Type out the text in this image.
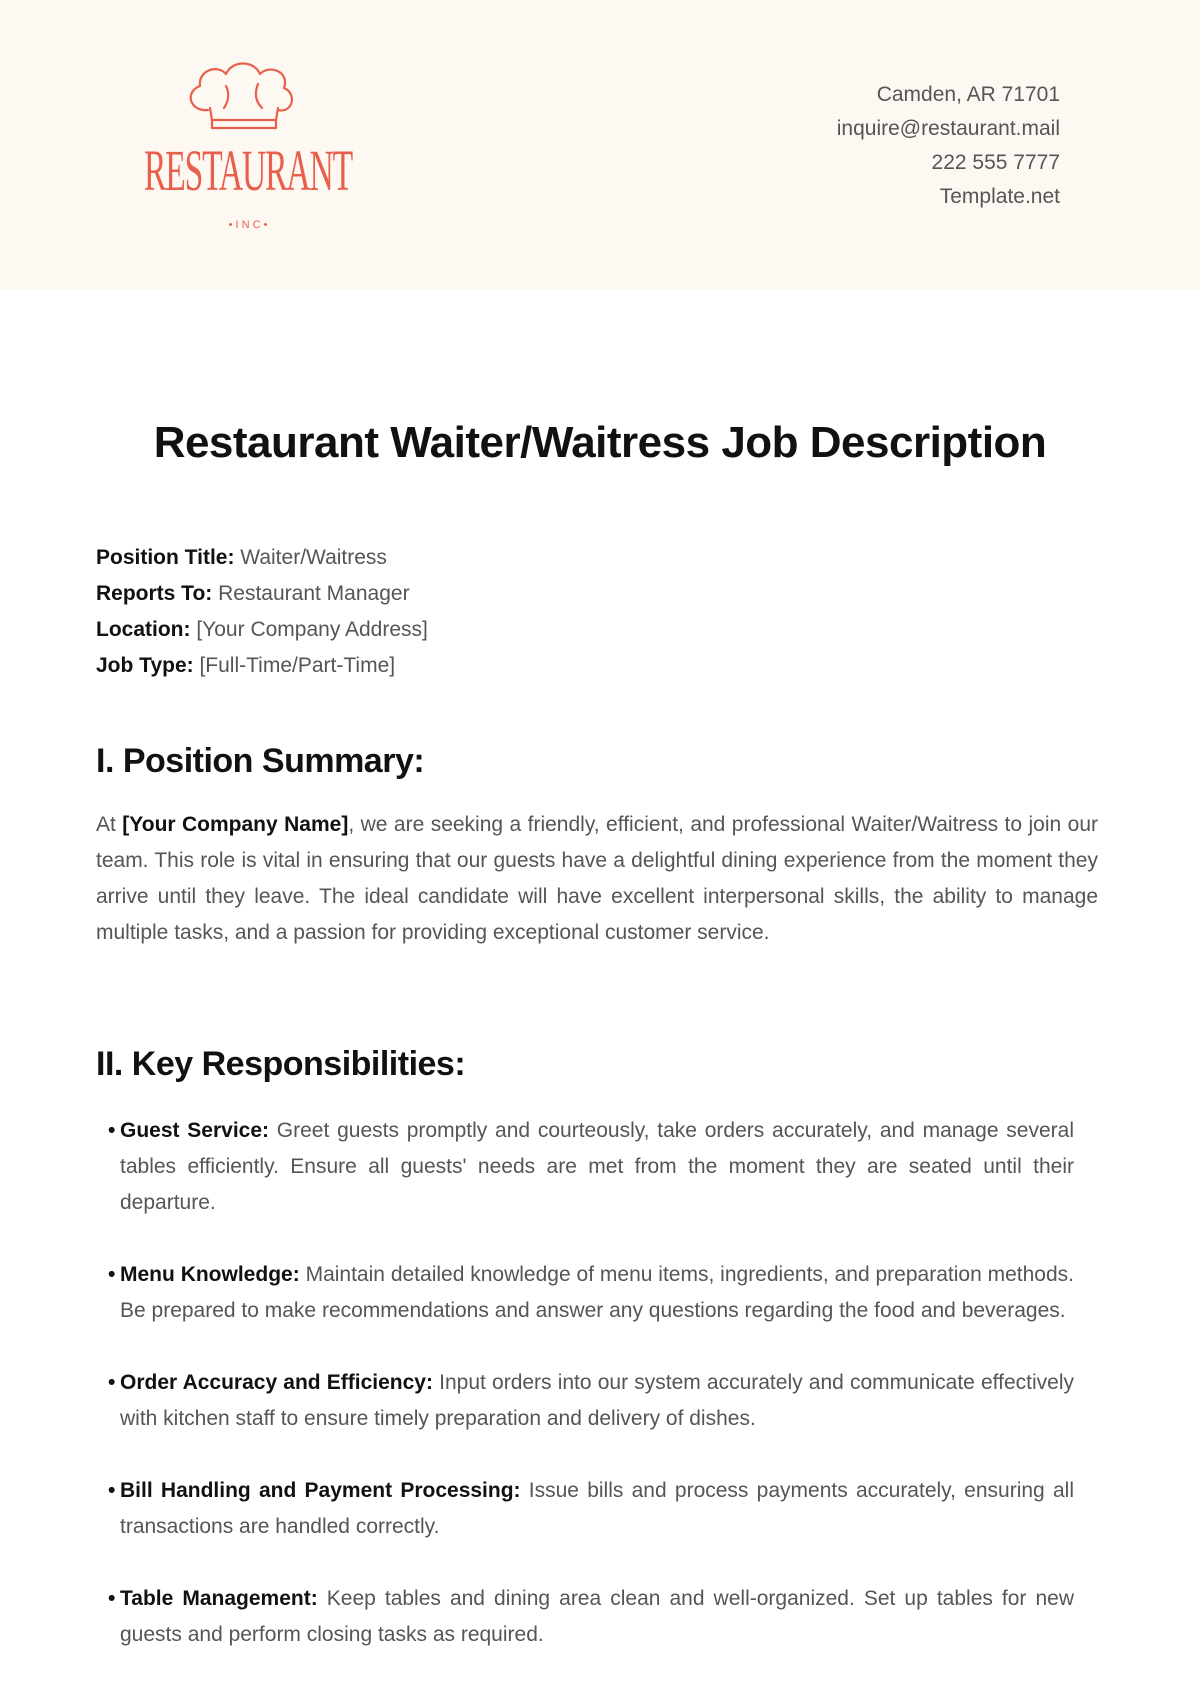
RESTAURANT
• I N C •
Camden, AR 71701
inquire@restaurant.mail
222 555 7777
Template.net
Restaurant Waiter/Waitress Job Description
Position Title: Waiter/Waitress
Reports To: Restaurant Manager
Location: [Your Company Address]
Job Type: [Full-Time/Part-Time]
I. Position Summary:

At [Your Company Name], we are seeking a friendly, efficient, and professional Waiter/Waitress to join our team. This role is vital in ensuring that our guests have a delightful dining experience from the moment they arrive until they leave. The ideal candidate will have excellent interpersonal skills, the ability to manage multiple tasks, and a passion for providing exceptional customer service.

II. Key Responsibilities:
• Guest Service: Greet guests promptly and courteously, take orders accurately, and manage several tables efficiently. Ensure all guests' needs are met from the moment they are seated until their departure.
• Menu Knowledge: Maintain detailed knowledge of menu items, ingredients, and preparation methods. Be prepared to make recommendations and answer any questions regarding the food and beverages.
• Order Accuracy and Efficiency: Input orders into our system accurately and communicate effectively with kitchen staff to ensure timely preparation and delivery of dishes.
• Bill Handling and Payment Processing: Issue bills and process payments accurately, ensuring all transactions are handled correctly.
• Table Management: Keep tables and dining area clean and well-organized. Set up tables for new guests and perform closing tasks as required.
